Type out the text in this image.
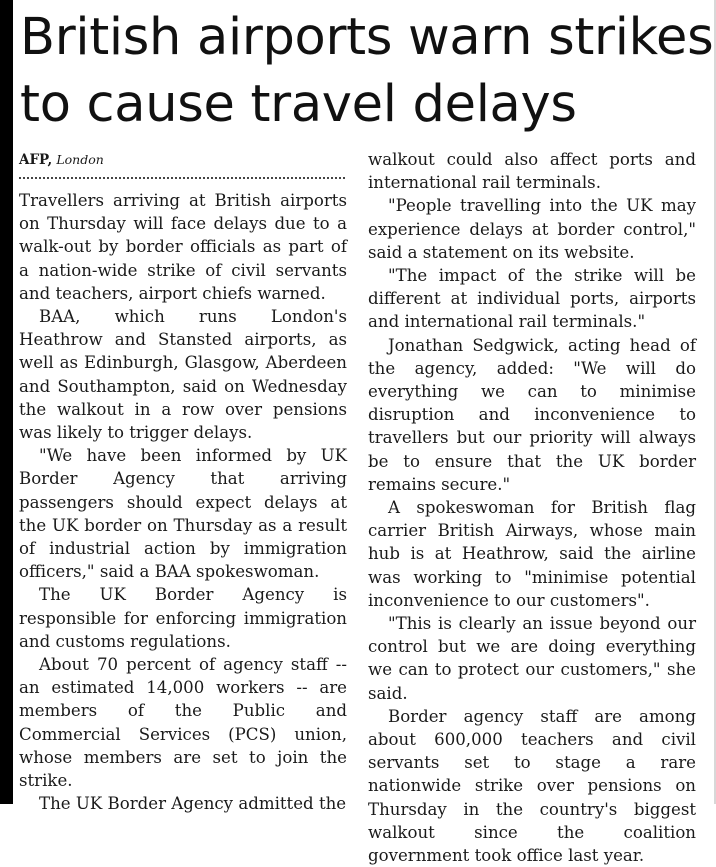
British airports warn strikes
to cause travel delays

AFP, London

Travellers arriving at British airports on Thursday will face delays due to a walk-out by border officials as part of a nation-wide strike of civil servants and teachers, airport chiefs warned.

BAA, which runs London's Heathrow and Stansted airports, as well as Edinburgh, Glasgow, Aberdeen and Southampton, said on Wednesday the walkout in a row over pensions was likely to trigger delays.

"We have been informed by UK Border Agency that arriving passengers should expect delays at the UK border on Thursday as a result of industrial action by immigration officers," said a BAA spokeswoman.

The UK Border Agency is responsible for enforcing immigration and customs regulations.

About 70 percent of agency staff -- an estimated 14,000 workers -- are members of the Public and Commercial Services (PCS) union, whose members are set to join the strike.

The UK Border Agency admitted the

walkout could also affect ports and international rail terminals.

"People travelling into the UK may experience delays at border control," said a statement on its website.

"The impact of the strike will be different at individual ports, airports and international rail terminals."

Jonathan Sedgwick, acting head of the agency, added: "We will do everything we can to minimise disruption and inconvenience to travellers but our priority will always be to ensure that the UK border remains secure."

A spokeswoman for British flag carrier British Airways, whose main hub is at Heathrow, said the airline was working to "minimise potential inconvenience to our customers".

"This is clearly an issue beyond our control but we are doing everything we can to protect our customers," she said.

Border agency staff are among about 600,000 teachers and civil servants set to stage a rare nationwide strike over pensions on Thursday in the country's biggest walkout since the coalition government took office last year.
